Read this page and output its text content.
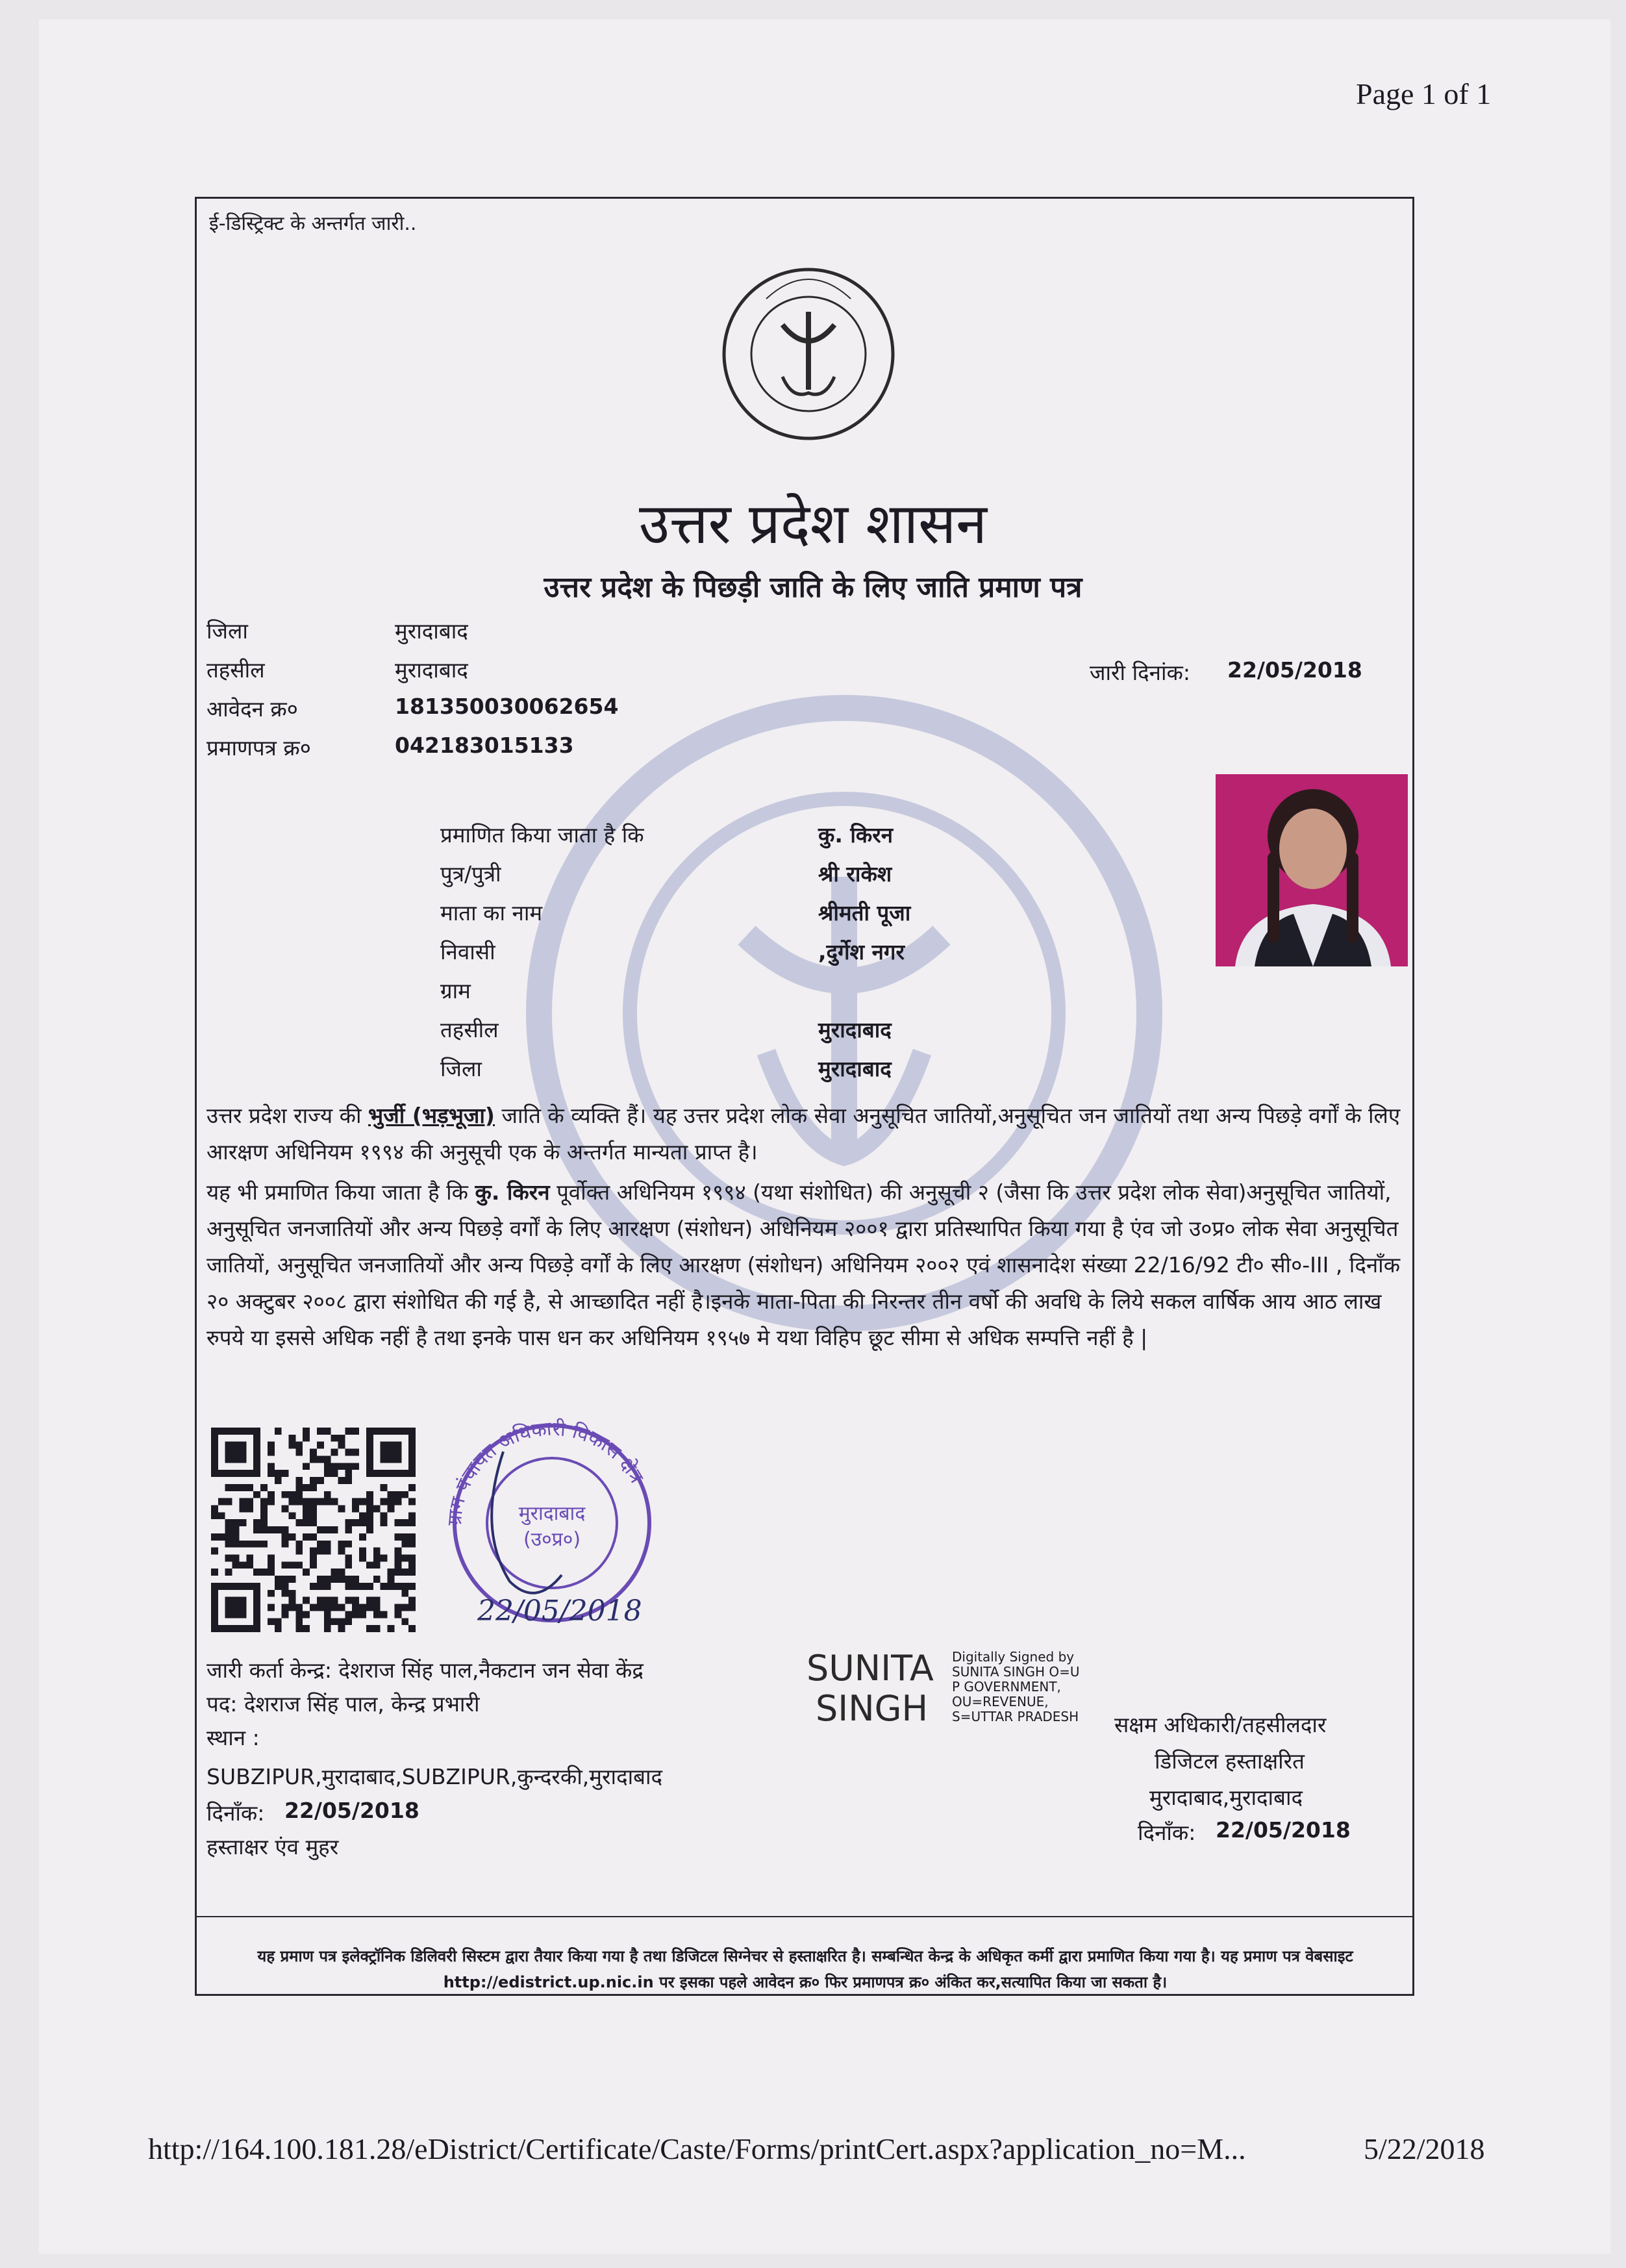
Page 1 of 1
ई-डिस्ट्रिक्ट के अन्तर्गत जारी..
उत्तर प्रदेश शासन
उत्तर प्रदेश के पिछड़ी जाति के लिए जाति प्रमाण पत्र
जिला	मुरादाबाद
तहसील	मुरादाबाद
आवेदन क्र०	181350030062654
प्रमाणपत्र क्र०	042183015133
जारी दिनांक: 22/05/2018
प्रमाणित किया जाता है कि	कु. किरन
पुत्र/पुत्री	श्री राकेश
माता का नाम	श्रीमती पूजा
निवासी	,दुर्गेश नगर
ग्राम
तहसील	मुरादाबाद
जिला	मुरादाबाद
उत्तर प्रदेश राज्य की भुर्जी (भड़भूजा) जाति के व्यक्ति हैं। यह उत्तर प्रदेश लोक सेवा अनुसूचित जातियों,अनुसूचित जन जातियों तथा अन्य पिछड़े वर्गों के लिए आरक्षण अधिनियम १९९४ की अनुसूची एक के अन्तर्गत मान्यता प्राप्त है।
यह भी प्रमाणित किया जाता है कि कु. किरन पूर्वोक्त अधिनियम १९९४ (यथा संशोधित) की अनुसूची २ (जैसा कि उत्तर प्रदेश लोक सेवा)अनुसूचित जातियों, अनुसूचित जनजातियों और अन्य पिछड़े वर्गों के लिए आरक्षण (संशोधन) अधिनियम २००१ द्वारा प्रतिस्थापित किया गया है एंव जो उ०प्र० लोक सेवा अनुसूचित जातियों, अनुसूचित जनजातियों और अन्य पिछड़े वर्गों के लिए आरक्षण (संशोधन) अधिनियम २००२ एवं शासनादेश संख्या 22/16/92 टी० सी०-III , दिनाँक २० अक्टुबर २००८ द्वारा संशोधित की गई है, से आच्छादित नहीं है।इनके माता-पिता की निरन्तर तीन वर्षो की अवधि के लिये सकल वार्षिक आय आठ लाख रुपये या इससे अधिक नहीं है तथा इनके पास धन कर अधिनियम १९५७ मे यथा विहिप छूट सीमा से अधिक सम्पत्ति नहीं है |
ग्राम पंचायत अधिकारी विकास क्षेत्र
मुरादाबाद
(उ०प्र०)
22/05/2018
जारी कर्ता केन्द्र: देशराज सिंह पाल,नैकटान जन सेवा केंद्र
पद: देशराज सिंह पाल, केन्द्र प्रभारी
स्थान :
SUBZIPUR,मुरादाबाद,SUBZIPUR,कुन्दरकी,मुरादाबाद
दिनाँक: 22/05/2018
हस्ताक्षर एंव मुहर
SUNITA
SINGH
Digitally Signed by
SUNITA SINGH O=U
P GOVERNMENT,
OU=REVENUE,
S=UTTAR PRADESH सक्षम अधिकारी/तहसीलदार
डिजिटल हस्ताक्षरित
मुरादाबाद,मुरादाबाद
दिनाँक: 22/05/2018
यह प्रमाण पत्र इलेक्ट्रॉनिक डिलिवरी सिस्टम द्वारा तैयार किया गया है तथा डिजिटल सिग्नेचर से हस्ताक्षरित है। सम्बन्धित केन्द्र के अधिकृत कर्मी द्वारा प्रमाणित किया गया है। यह प्रमाण पत्र वेबसाइट http://edistrict.up.nic.in पर इसका पहले आवेदन क्र० फिर प्रमाणपत्र क्र० अंकित कर,सत्यापित किया जा सकता है।
http://164.100.181.28/eDistrict/Certificate/Caste/Forms/printCert.aspx?application_no=M...	5/22/2018
